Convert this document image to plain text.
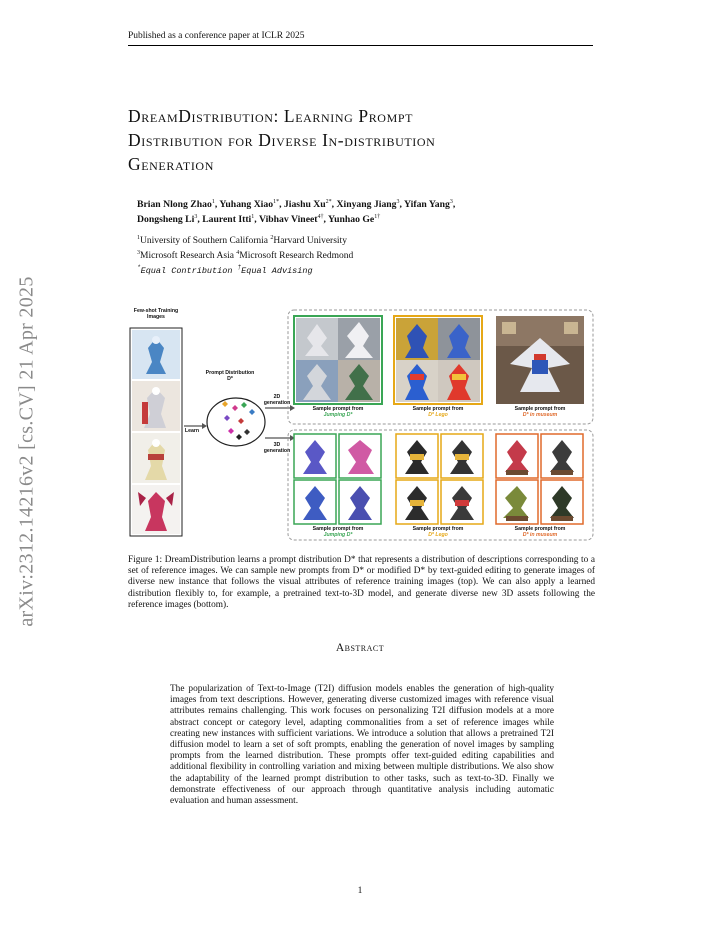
Published as a conference paper at ICLR 2025
arXiv:2312.14216v2 [cs.CV] 21 Apr 2025
DreamDistribution: Learning Prompt
Distribution for Diverse In-distribution
Generation
Brian Nlong Zhao$^1$, Yuhang Xiao$^{1*}$, Jiashu $Xu^{2*}$, Xinyang Jiang$^3$, Yifan Yang$^3$,
Dongsheng Li$^3$, Laurent Itti$^1$, Vibhav Vineet$^{4\dagger}$, Yunhao $Ge^{1\dagger}$
$^1$University of Southern California $^2$Harvard University
$^3$Microsoft Research Asia $^4$Microsoft Research Redmond
*Equal Contribution †Equal Advising
Few-shot Training Images
Prompt Distribution
D*
Learn
2D generation
3D generation
Sample prompt from
Jumping D*
Sample prompt from
D* Lego
Sample prompt from
D* in museum
Sample prompt from
Jumping D*
Sample prompt from
D* Lego
Sample prompt from
D* in museum
Figure 1: DreamDistribution learns a prompt distribution D* that represents a distribution of descriptions corresponding to a set of reference images. We can sample new prompts from D* or modified D* by text-guided editing to generate images of diverse new instance that follows the visual attributes of reference training images (top). We can also apply a learned distribution flexibly to, for example, a pretrained text-to-3D model, and generate diverse new 3D assets following the reference images (bottom).
Abstract
The popularization of Text-to-Image (T2I) diffusion models enables the generation of high-quality images from text descriptions. However, generating diverse customized images with reference visual attributes remains challenging. This work focuses on personalizing T2I diffusion models at a more abstract concept or category level, adapting commonalities from a set of reference images while creating new instances with sufficient variations. We introduce a solution that allows a pretrained T2I diffusion model to learn a set of soft prompts, enabling the generation of novel images by sampling prompts from the learned distribution. These prompts offer text-guided editing capabilities and additional flexibility in controlling variation and mixing between multiple distributions. We also show the adaptability of the learned prompt distribution to other tasks, such as text-to-3D. Finally we demonstrate effectiveness of our approach through quantitative analysis including automatic evaluation and human assessment.
1
